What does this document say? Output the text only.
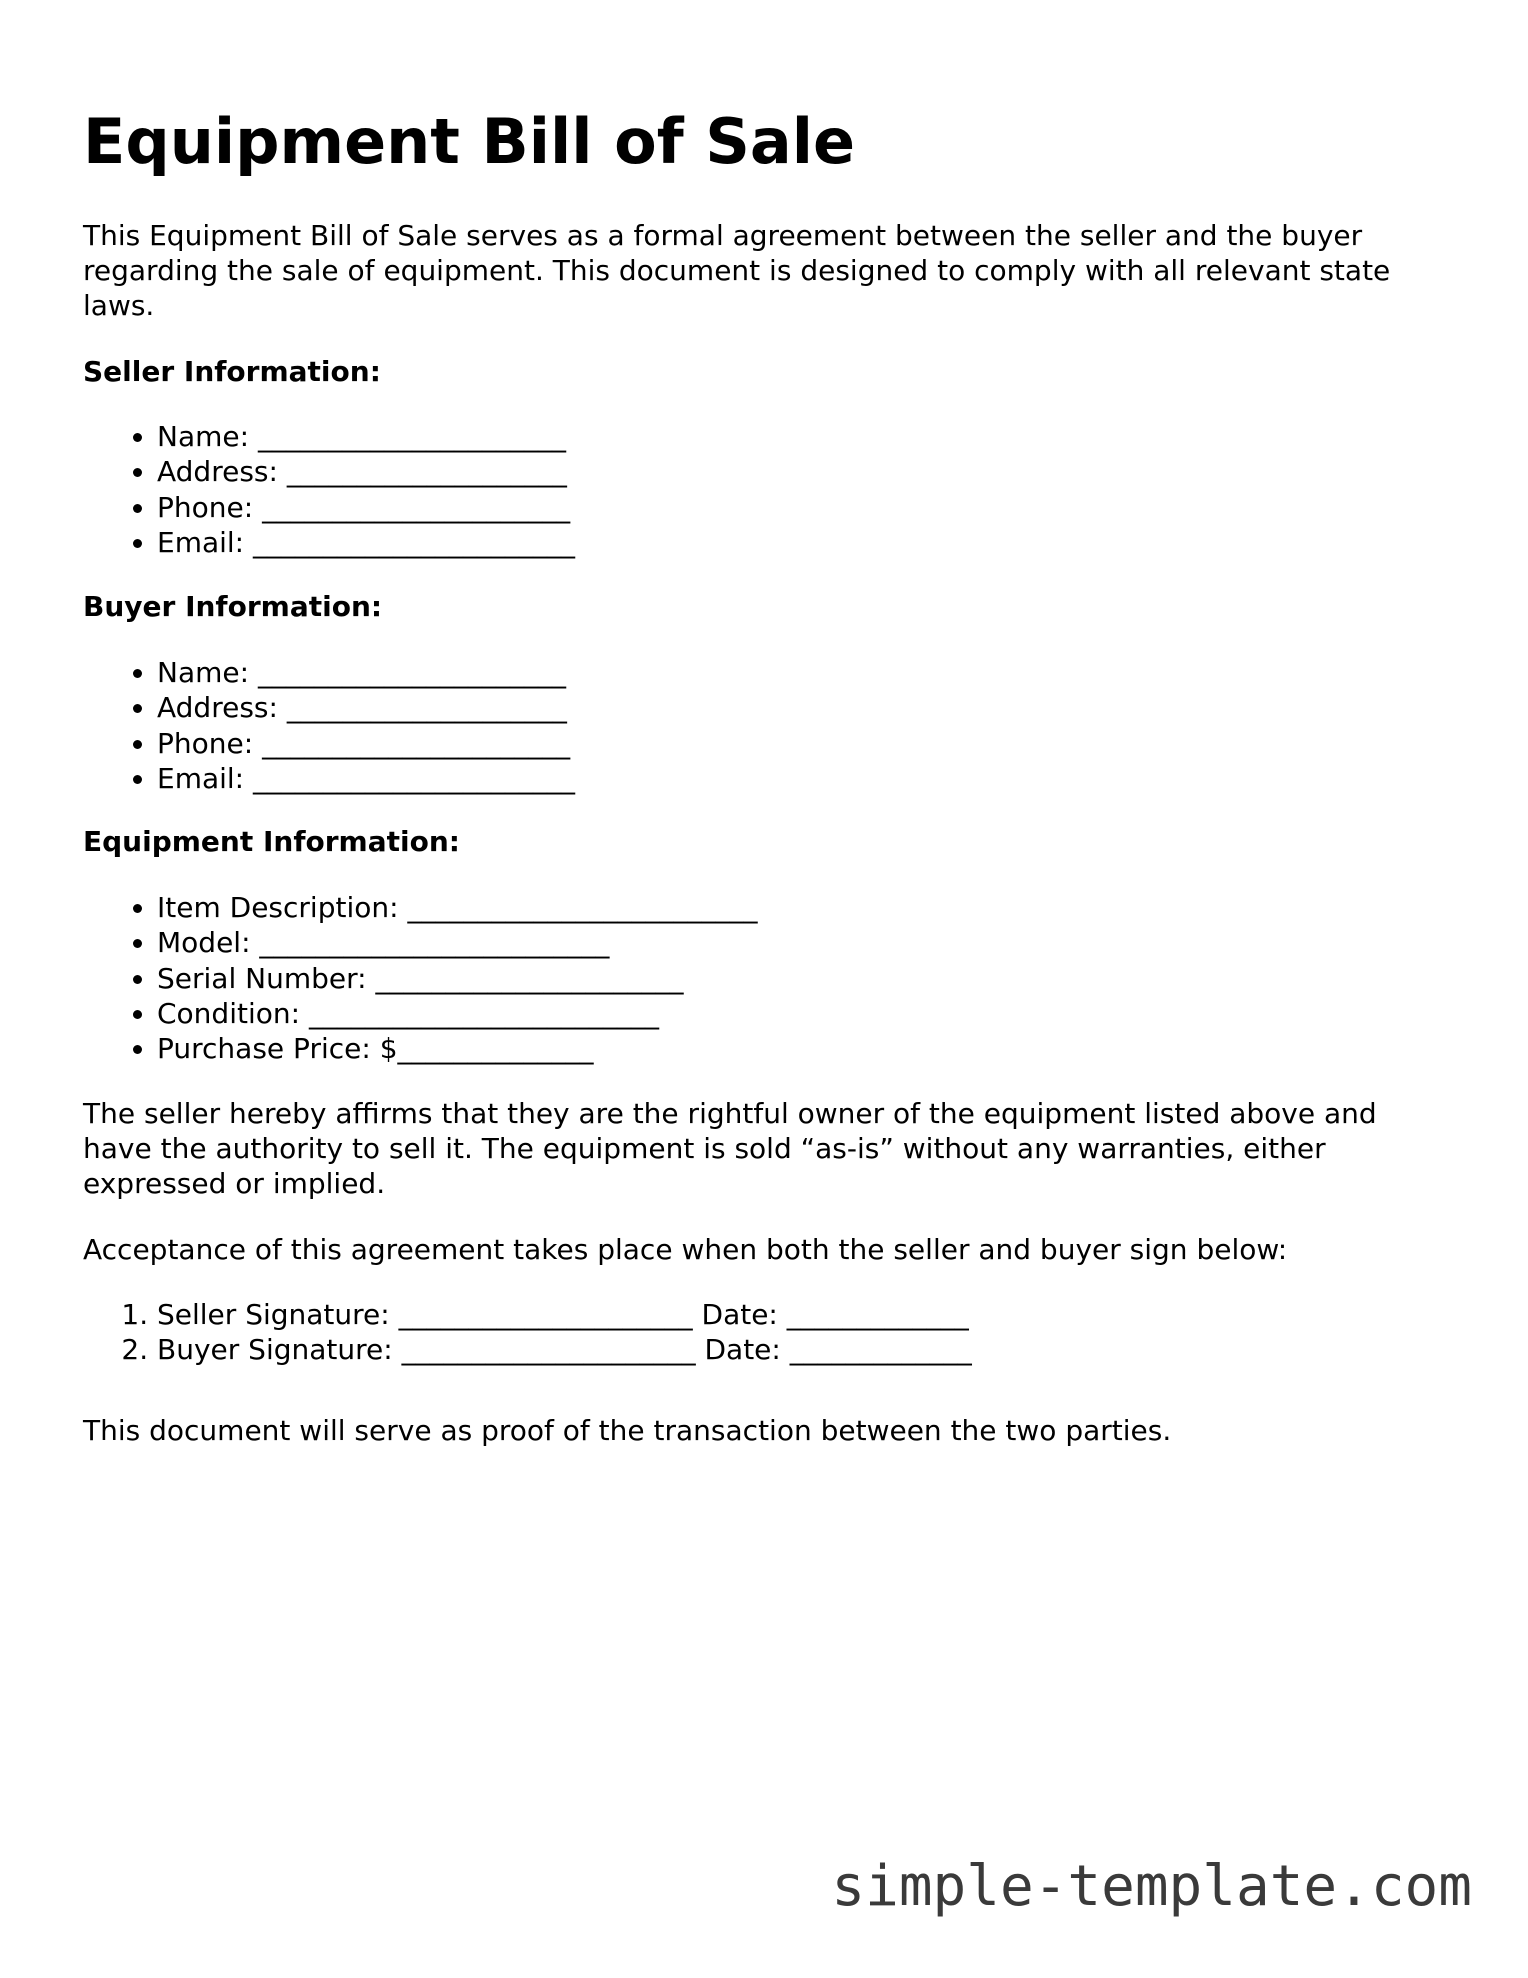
Equipment Bill of Sale

This Equipment Bill of Sale serves as a formal agreement between the seller and the buyer regarding the sale of equipment. This document is designed to comply with all relevant state laws.

Seller Information:
• Name: ______________________
• Address: ____________________
• Phone: ______________________
• Email: _______________________
Buyer Information:
• Name: ______________________
• Address: ____________________
• Phone: ______________________
• Email: _______________________
Equipment Information:
• Item Description: _________________________
• Model: _________________________
• Serial Number: ______________________
• Condition: _________________________
• Purchase Price: $______________

The seller hereby affirms that they are the rightful owner of the equipment listed above and have the authority to sell it. The equipment is sold “as-is” without any warranties, either expressed or implied.

Acceptance of this agreement takes place when both the seller and buyer sign below:

1. Seller Signature: _____________________ Date: _____________
2. Buyer Signature: _____________________ Date: _____________

This document will serve as proof of the transaction between the two parties.

simple-template.com
